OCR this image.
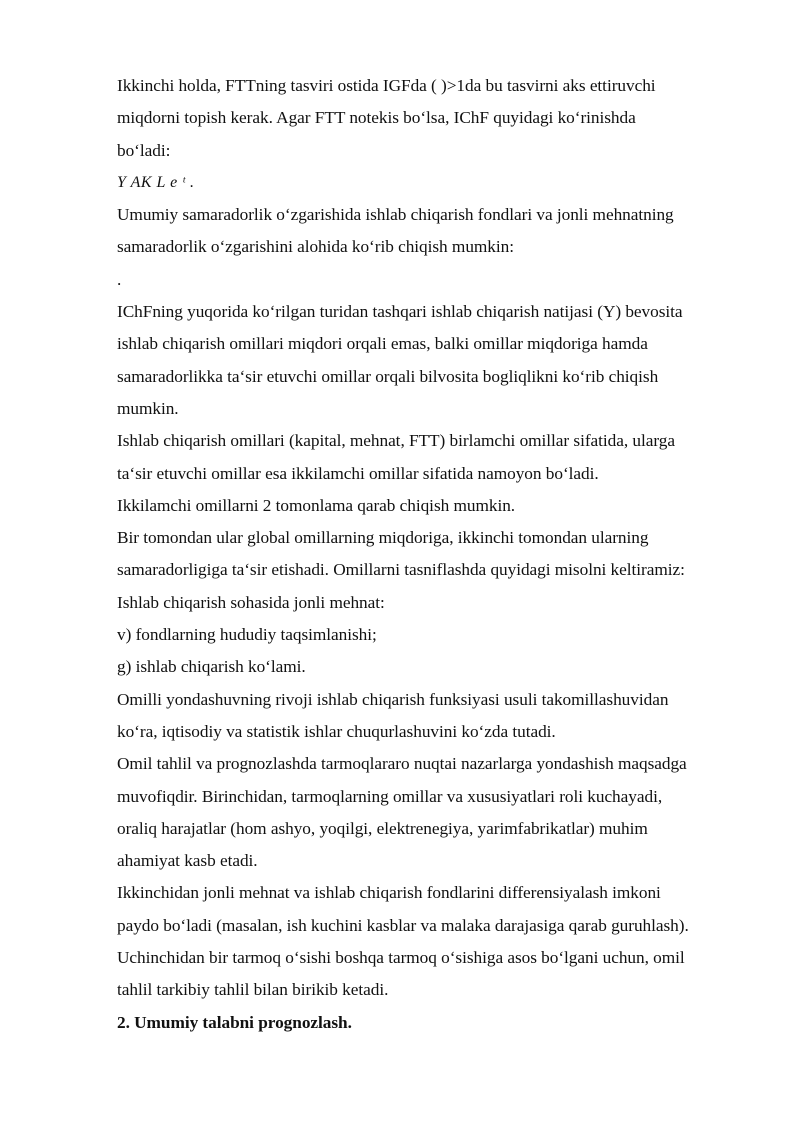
Ikkinchi holda, FTTning tasviri ostida IGFda ( )>1da bu tasvirni aks ettiruvchi
miqdorni topish kerak. Agar FTT notekis bo‘lsa, IChF quyidagi ko‘rinishda
bo‘ladi:
Y AK L e ᵗ .
Umumiy samaradorlik o‘zgarishida ishlab chiqarish fondlari va jonli mehnatning
samaradorlik o‘zgarishini alohida ko‘rib chiqish mumkin:
.
IChFning yuqorida ko‘rilgan turidan tashqari ishlab chiqarish natijasi (Y) bevosita
ishlab chiqarish omillari miqdori orqali emas, balki omillar miqdoriga hamda
samaradorlikka ta‘sir etuvchi omillar orqali bilvosita bogliqlikni ko‘rib chiqish
mumkin.
Ishlab chiqarish omillari (kapital, mehnat, FTT) birlamchi omillar sifatida, ularga
ta‘sir etuvchi omillar esa ikkilamchi omillar sifatida namoyon bo‘ladi.
Ikkilamchi omillarni 2 tomonlama qarab chiqish mumkin.
Bir tomondan ular global omillarning miqdoriga, ikkinchi tomondan ularning
samaradorligiga ta‘sir etishadi. Omillarni tasniflashda quyidagi misolni keltiramiz:
Ishlab chiqarish sohasida jonli mehnat:
v) fondlarning hududiy taqsimlanishi;
g) ishlab chiqarish ko‘lami.
Omilli yondashuvning rivoji ishlab chiqarish funksiyasi usuli takomillashuvidan
ko‘ra, iqtisodiy va statistik ishlar chuqurlashuvini ko‘zda tutadi.
Omil tahlil va prognozlashda tarmoqlararo nuqtai nazarlarga yondashish maqsadga
muvofiqdir. Birinchidan, tarmoqlarning omillar va xususiyatlari roli kuchayadi,
oraliq harajatlar (hom ashyo, yoqilgi, elektrenegiya, yarimfabrikatlar) muhim
ahamiyat kasb etadi.
Ikkinchidan jonli mehnat va ishlab chiqarish fondlarini differensiyalash imkoni
paydo bo‘ladi (masalan, ish kuchini kasblar va malaka darajasiga qarab guruhlash).
Uchinchidan bir tarmoq o‘sishi boshqa tarmoq o‘sishiga asos bo‘lgani uchun, omil
tahlil tarkibiy tahlil bilan birikib ketadi.
2. Umumiy talabni prognozlash.
